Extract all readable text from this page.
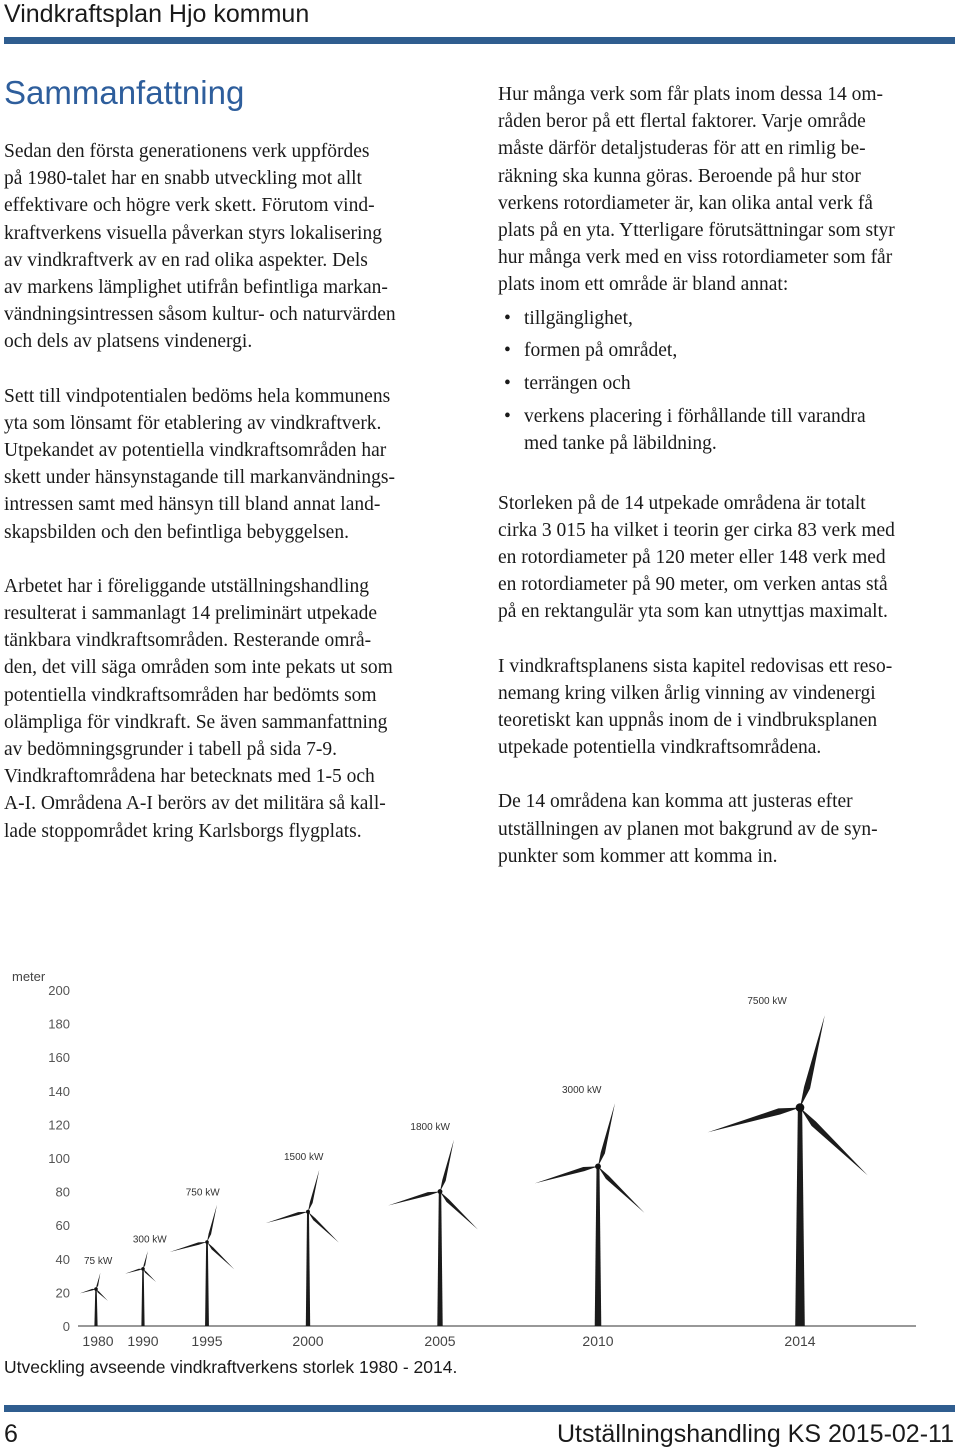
Vindkraftsplan Hjo kommun
Sammanfattning

Sedan den första generationens verk uppfördes

på 1980-talet har en snabb utveckling mot allt

effektivare och högre verk skett. Förutom vind-

kraftverkens visuella påverkan styrs lokalisering

av vindkraftverk av en rad olika aspekter. Dels

av markens lämplighet utifrån befintliga markan-

vändningsintressen såsom kultur- och naturvärden

och dels av platsens vindenergi.

Sett till vindpotentialen bedöms hela kommunens

yta som lönsamt för etablering av vindkraftverk.

Utpekandet av potentiella vindkraftsområden har

skett under hänsynstagande till markanvändnings-

intressen samt med hänsyn till bland annat land-

skapsbilden och den befintliga bebyggelsen.

Arbetet har i föreliggande utställningshandling

resulterat i sammanlagt 14 preliminärt utpekade

tänkbara vindkraftsområden. Resterande områ-

den, det vill säga områden som inte pekats ut som

potentiella vindkraftsområden har bedömts som

olämpliga för vindkraft. Se även sammanfattning

av bedömningsgrunder i tabell på sida 7-9.

Vindkraftområdena har betecknats med 1-5 och

A-I. Områdena A-I berörs av det militära så kall-

lade stoppområdet kring Karlsborgs flygplats.

Hur många verk som får plats inom dessa 14 om-

råden beror på ett flertal faktorer. Varje område

måste därför detaljstuderas för att en rimlig be-

räkning ska kunna göras. Beroende på hur stor

verkens rotordiameter är, kan olika antal verk få

plats på en yta. Ytterligare förutsättningar som styr

hur många verk med en viss rotordiameter som får

plats inom ett område är bland annat:

• tillgänglighet,
• formen på området,
• terrängen och
• verkens placering i förhållande till varandra
med tanke på läbildning.

Storleken på de 14 utpekade områdena är totalt

cirka 3 015 ha vilket i teorin ger cirka 83 verk med

en rotordiameter på 120 meter eller 148 verk med

en rotordiameter på 90 meter, om verken antas stå

på en rektangulär yta som kan utnyttjas maximalt.

I vindkraftsplanens sista kapitel redovisas ett reso-

nemang kring vilken årlig vinning av vindenergi

teoretiskt kan uppnås inom de i vindbruksplanen

utpekade potentiella vindkraftsområdena.

De 14 områdena kan komma att justeras efter

utställningen av planen mot bakgrund av de syn-

punkter som kommer att komma in.

meter
0
20
40
60
80
100
120
140
160
180
200
75 kW
1980
300 kW
1990
750 kW
1995
1500 kW
2000
1800 kW
2005
3000 kW
2010
7500 kW
2014
Utveckling avseende vindkraftverkens storlek 1980 - 2014.
6	Utställningshandling KS 2015-02-11
